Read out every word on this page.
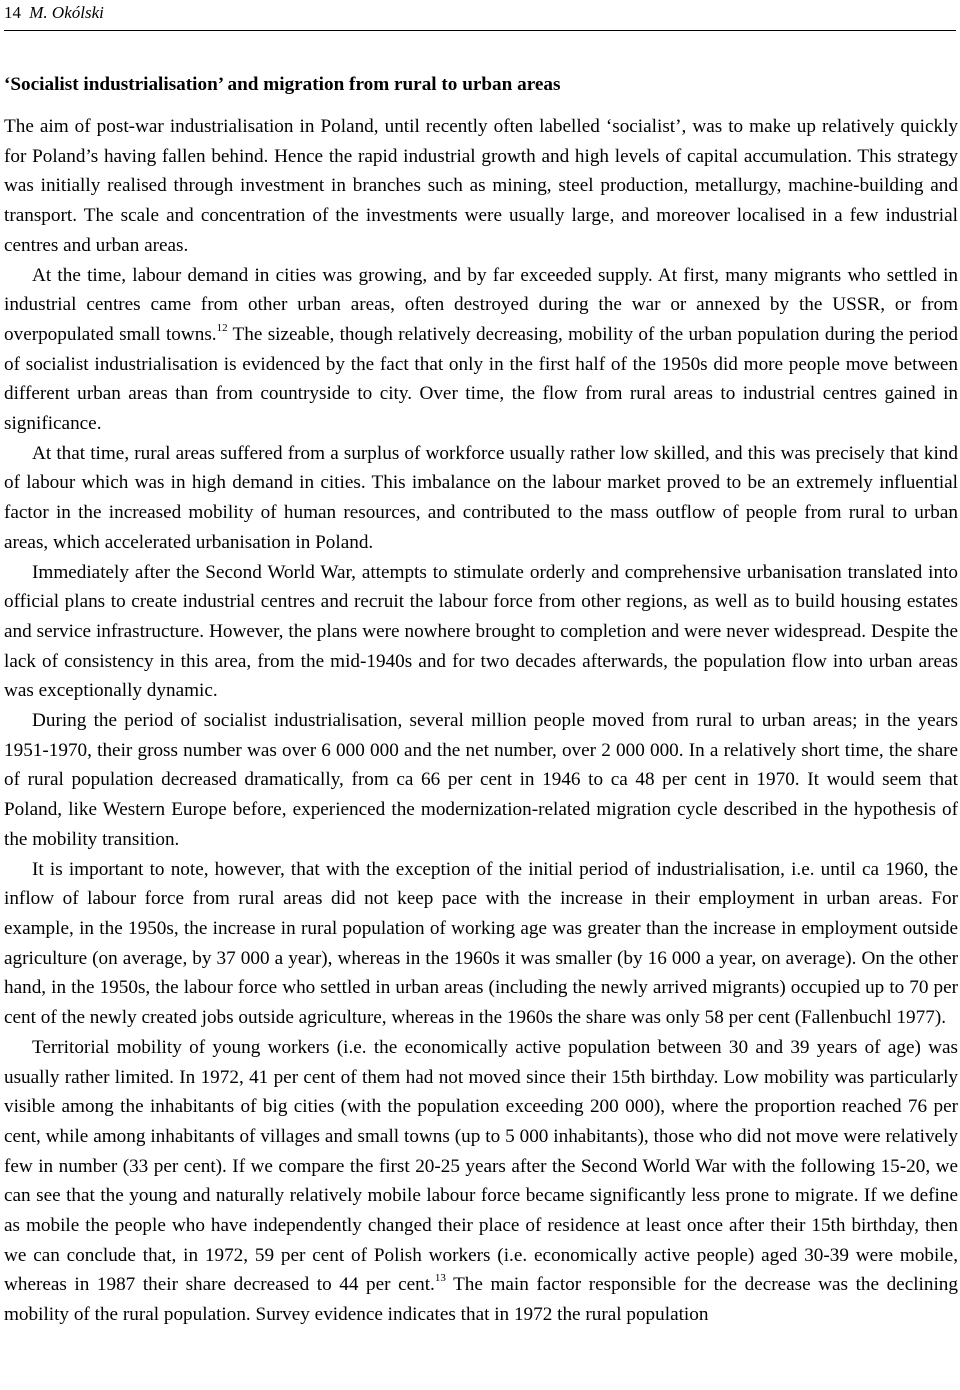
14 M. Okólski
‘Socialist industrialisation’ and migration from rural to urban areas

The aim of post-war industrialisation in Poland, until recently often labelled ‘socialist’, was to make up relatively quickly for Poland’s having fallen behind. Hence the rapid industrial growth and high levels of capital accumulation. This strategy was initially realised through investment in branches such as mining, steel production, metallurgy, machine-building and transport. The scale and concentration of the investments were usually large, and moreover localised in a few industrial centres and urban areas.

At the time, labour demand in cities was growing, and by far exceeded supply. At first, many migrants who settled in industrial centres came from other urban areas, often destroyed during the war or annexed by the USSR, or from overpopulated small towns.$^{12}$ The sizeable, though relatively decreasing, mobility of the urban population during the period of socialist industrialisation is evidenced by the fact that only in the first half of the 1950s did more people move between different urban areas than from countryside to city. Over time, the flow from rural areas to industrial centres gained in significance.

At that time, rural areas suffered from a surplus of workforce usually rather low skilled, and this was precisely that kind of labour which was in high demand in cities. This imbalance on the labour market proved to be an extremely influential factor in the increased mobility of human resources, and contributed to the mass outflow of people from rural to urban areas, which accelerated urbanisation in Poland.

Immediately after the Second World War, attempts to stimulate orderly and comprehensive urbanisation translated into official plans to create industrial centres and recruit the labour force from other regions, as well as to build housing estates and service infrastructure. However, the plans were nowhere brought to completion and were never widespread. Despite the lack of consistency in this area, from the mid-1940s and for two decades afterwards, the population flow into urban areas was exceptionally dynamic.

During the period of socialist industrialisation, several million people moved from rural to urban areas; in the years 1951-1970, their gross number was over 6 000 000 and the net number, over 2 000 000. In a relatively short time, the share of rural population decreased dramatically, from ca 66 per cent in 1946 to ca 48 per cent in 1970. It would seem that Poland, like Western Europe before, experienced the modernization-related migration cycle described in the hypothesis of the mobility transition.

It is important to note, however, that with the exception of the initial period of industrialisation, i.e. until ca 1960, the inflow of labour force from rural areas did not keep pace with the increase in their employment in urban areas. For example, in the 1950s, the increase in rural population of working age was greater than the increase in employment outside agriculture (on average, by 37 000 a year), whereas in the 1960s it was smaller (by 16 000 a year, on average). On the other hand, in the 1950s, the labour force who settled in urban areas (including the newly arrived migrants) occupied up to 70 per cent of the newly created jobs outside agriculture, whereas in the 1960s the share was only 58 per cent (Fallenbuchl 1977).

Territorial mobility of young workers (i.e. the economically active population between 30 and 39 years of age) was usually rather limited. In 1972, 41 per cent of them had not moved since their 15th birthday. Low mobility was particularly visible among the inhabitants of big cities (with the population exceeding 200 000), where the proportion reached 76 per cent, while among inhabitants of villages and small towns (up to 5 000 inhabitants), those who did not move were relatively few in number (33 per cent). If we compare the first 20-25 years after the Second World War with the following 15-20, we can see that the young and naturally relatively mobile labour force became significantly less prone to migrate. If we define as mobile the people who have independently changed their place of residence at least once after their 15th birthday, then we can conclude that, in 1972, 59 per cent of Polish workers (i.e. economically active people) aged 30-39 were mobile, whereas in 1987 their share decreased to 44 per cent.$^{13}$ The main factor responsible for the decrease was the declining mobility of the rural population. Survey evidence indicates that in 1972 the rural population
